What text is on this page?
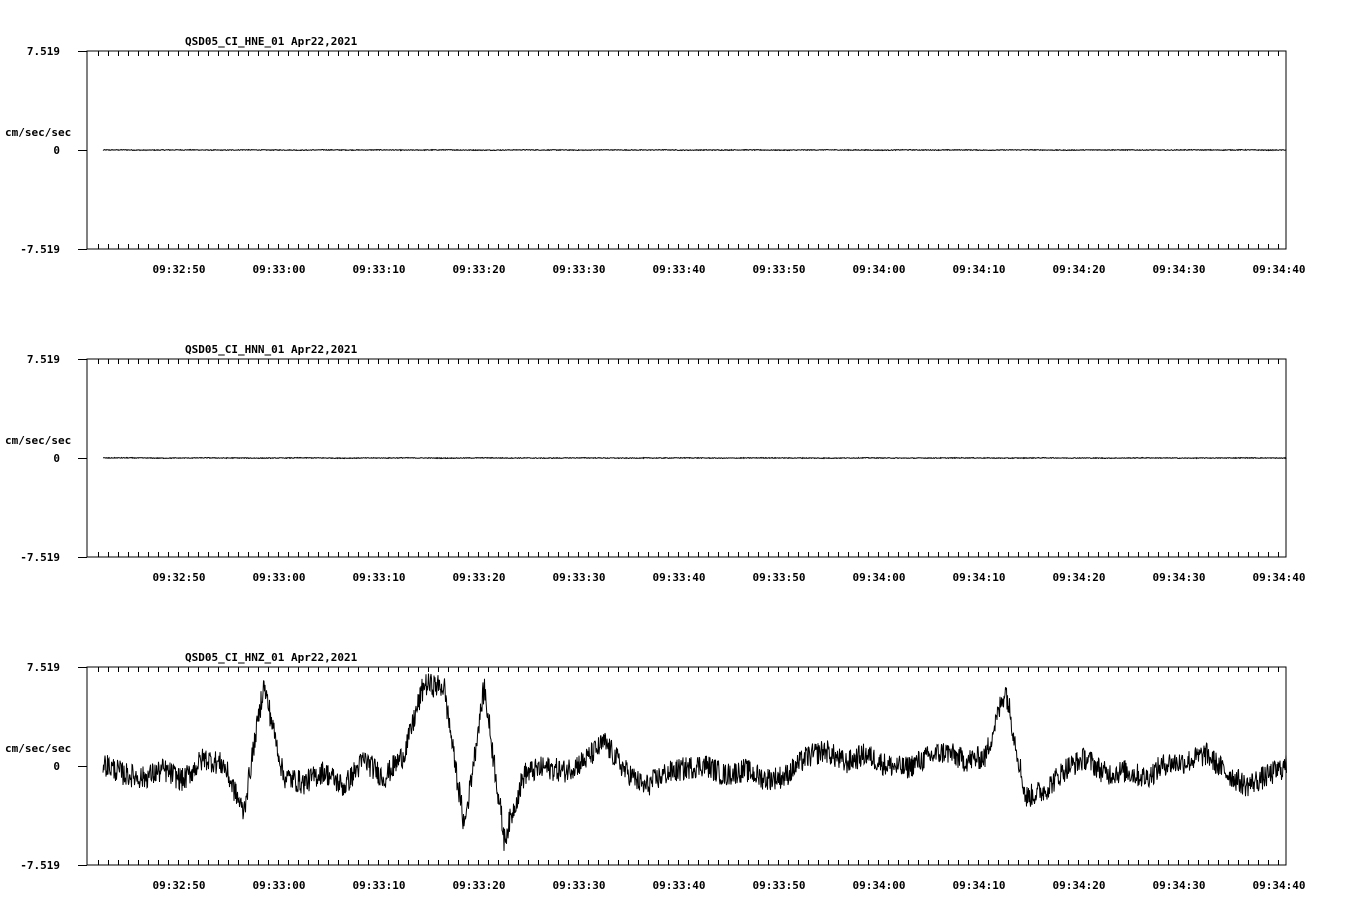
7.519
0
-7.519
cm/sec/sec
QSD05_CI_HNE_01 Apr22,2021
09:32:50	09:33:00	09:33:10	09:33:20	09:33:30	09:33:40	09:33:50	09:34:00	09:34:10	09:34:20	09:34:30	09:34:40
7.519
0
-7.519
cm/sec/sec
QSD05_CI_HNN_01 Apr22,2021
09:32:50	09:33:00	09:33:10	09:33:20	09:33:30	09:33:40	09:33:50	09:34:00	09:34:10	09:34:20	09:34:30	09:34:40
7.519
0
-7.519
cm/sec/sec
QSD05_CI_HNZ_01 Apr22,2021
09:32:50	09:33:00	09:33:10	09:33:20	09:33:30	09:33:40	09:33:50	09:34:00	09:34:10	09:34:20	09:34:30	09:34:40
